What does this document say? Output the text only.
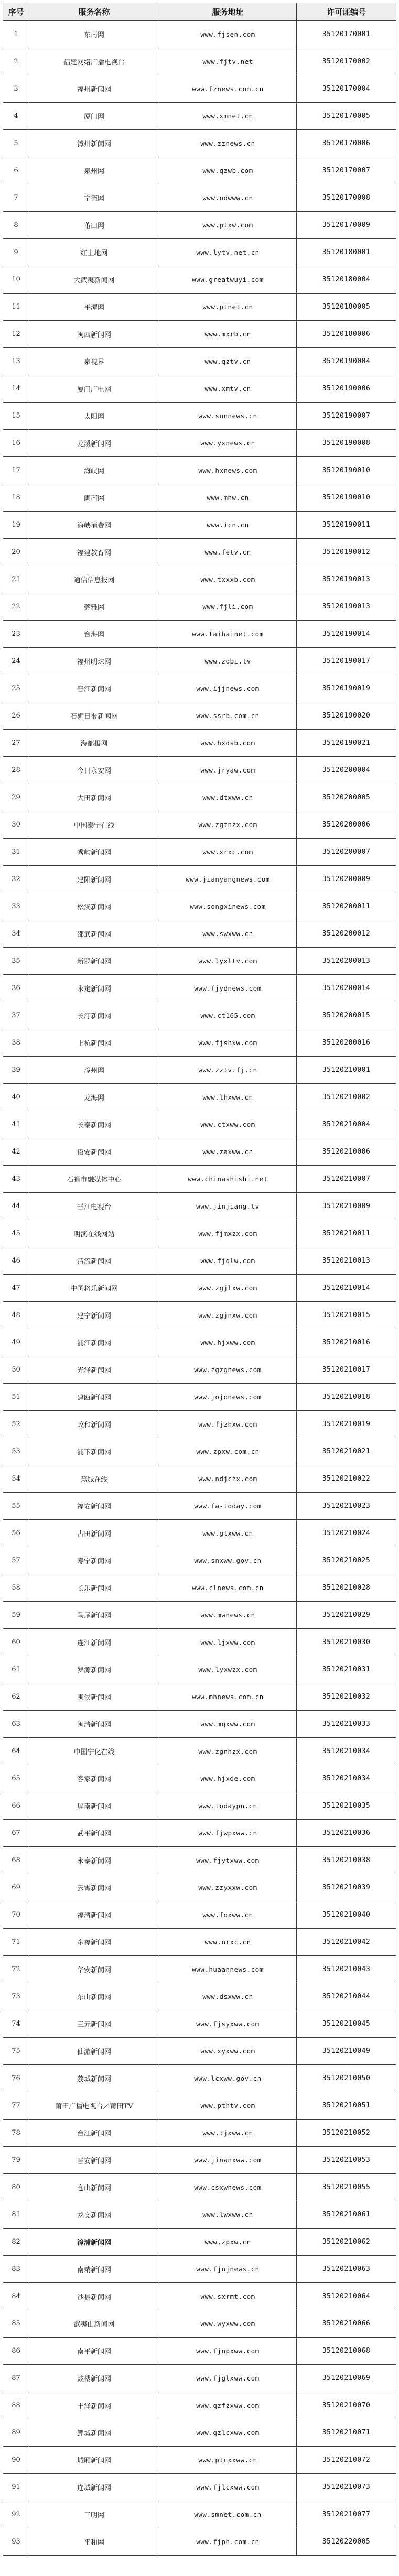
序号	服务名称	服务地址	许可证编号
1	东南网	www.fjsen.com	35120170001
2	福建网络广播电视台	www.fjtv.net	35120170002
3	福州新闻网	www.fznews.com.cn	35120170004
4	厦门网	www.xmnet.cn	35120170005
5	漳州新闻网	www.zznews.cn	35120170006
6	泉州网	www.qzwb.com	35120170007
7	宁德网	www.ndwww.cn	35120170008
8	莆田网	www.ptxw.com	35120170009
9	红土地网	www.lytv.net.cn	35120180001
10	大武夷新闻网	www.greatwuyi.com	35120180004
11	平潭网	www.ptnet.cn	35120180005
12	闽西新闻网	www.mxrb.cn	35120180006
13	泉视界	www.qztv.cn	35120190004
14	厦门广电网	www.xmtv.cn	35120190006
15	太阳网	www.sunnews.cn	35120190007
16	龙溪新闻网	www.yxnews.cn	35120190008
17	海峡网	www.hxnews.com	35120190010
18	闽南网	www.mnw.cn	35120190010
19	海峡消费网	www.icn.cn	35120190011
20	福建教育网	www.fetv.cn	35120190012
21	通信信息报网	www.txxxb.com	35120190013
22	莞雅网	www.fjli.com	35120190013
23	台海网	www.taihainet.com	35120190014
24	福州明珠网	www.zobi.tv	35120190017
25	晋江新闻网	www.ijjnews.com	35120190019
26	石狮日报新闻网	www.ssrb.com.cn	35120190020
27	海都报网	www.hxdsb.com	35120190021
28	今日永安网	www.jryaw.com	35120200004
29	大田新闻网	www.dtxww.cn	35120200005
30	中国泰宁在线	www.zgtnzx.com	35120200006
31	秀屿新闻网	www.xrxc.com	35120200007
32	建阳新闻网	www.jianyangnews.com	35120200009
33	松溪新闻网	www.songxinews.com	35120200011
34	邵武新闻网	www.swxww.cn	35120200012
35	新罗新闻网	www.lyxltv.com	35120200013
36	永定新闻网	www.fjydnews.com	35120200014
37	长汀新闻网	www.ct165.com	35120200015
38	上杭新闻网	www.fjshxw.com	35120200016
39	漳州网	www.zztv.fj.cn	35120210001
40	龙海网	www.lhxww.cn	35120210002
41	长泰新闻网	www.ctxww.com	35120210004
42	诏安新闻网	www.zaxww.cn	35120210006
43	石狮市融媒体中心	www.chinashishi.net	35120210007
44	晋江电视台	www.jinjiang.tv	35120210009
45	明溪在线网站	www.fjmxzx.com	35120210011
46	清流新闻网	www.fjqlw.com	35120210013
47	中国将乐新闻网	www.zgjlxw.com	35120210014
48	建宁新闻网	www.zgjnxw.com	35120210015
49	浦江新闻网	www.hjxww.com	35120210016
50	光泽新闻网	www.zgzgnews.com	35120210017
51	建瓯新闻网	www.jojonews.com	35120210018
52	政和新闻网	www.fjzhxw.com	35120210019
53	浦下新闻网	www.zpxw.com.cn	35120210021
54	蕉城在线	www.ndjczx.com	35120210022
55	福安新闻网	www.fa-today.com	35120210023
56	古田新闻网	www.gtxww.cn	35120210024
57	寿宁新闻网	www.snxww.gov.cn	35120210025
58	长乐新闻网	www.clnews.com.cn	35120210028
59	马尾新闻网	www.mwnews.cn	35120210029
60	连江新闻网	www.ljxww.com	35120210030
61	罗源新闻网	www.lyxwzx.com	35120210031
62	闽侯新闻网	www.mhnews.com.cn	35120210032
63	闽清新闻网	www.mqxww.com	35120210033
64	中国宁化在线	www.zgnhzx.com	35120210034
65	客家新闻网	www.hjxde.com	35120210034
66	屏南新闻网	www.todaypn.cn	35120210035
67	武平新闻网	www.fjwpxww.cn	35120210036
68	永泰新闻网	www.fjytxww.com	35120210038
69	云霄新闻网	www.zzyxxw.com	35120210039
70	福清新闻网	www.fqxww.cn	35120210040
71	多福新闻网	www.nrxc.cn	35120210042
72	华安新闻网	www.huaannews.com	35120210043
73	东山新闻网	www.dsxww.cn	35120210044
74	三元新闻网	www.fjsyxww.com	35120210045
75	仙游新闻网	www.xyxww.com	35120210049
76	荔城新闻网	www.lcxww.gov.cn	35120210050
77	莆田广播电视台／莆田TV	www.pthtv.com	35120210051
78	台江新闻网	www.tjxww.cn	35120210052
79	晋安新闻网	www.jinanxww.com	35120210053
80	仓山新闻网	www.csxwnews.com	35120210055
81	龙文新闻网	www.lwxww.cn	35120210061
82	漳浦新闻网	www.zpxw.cn	35120210062
83	南靖新闻网	www.fjnjnews.cn	35120210063
84	沙县新闻网	www.sxrmt.com	35120210064
85	武夷山新闻网	www.wyxww.com	35120210066
86	南平新闻网	www.fjnpxww.com	35120210068
87	鼓楼新闻网	www.fjglxww.com	35120210069
88	丰泽新闻网	www.qzfzxww.com	35120210070
89	鲤城新闻网	www.qzlcxww.com	35120210071
90	城厢新闻网	www.ptcxxww.cn	35120210072
91	连城新闻网	www.fjlcxww.com	35120210073
92	三明网	www.smnet.com.cn	35120210077
93	平和网	www.fjph.com.cn	35120220005
